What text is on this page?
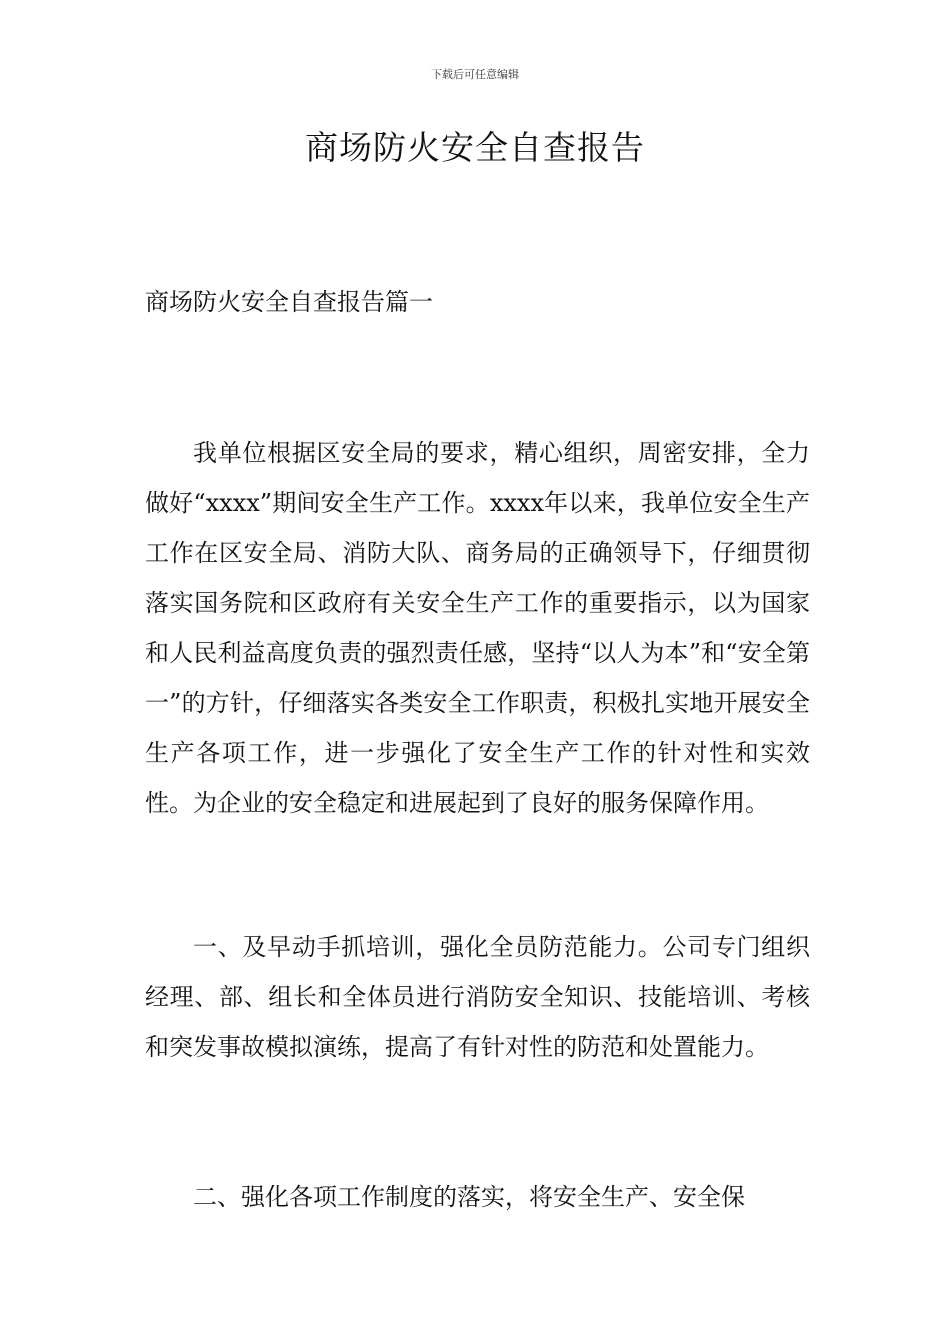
下载后可任意编辑
商场防火安全自查报告
商场防火安全自查报告篇一

我单位根据区安全局的要求，精心组织，周密安排，全力做好“xxxx”期间安全生产工作。xxxx年以来，我单位安全生产工作在区安全局、消防大队、商务局的正确领导下，仔细贯彻落实国务院和区政府有关安全生产工作的重要指示，以为国家和人民利益高度负责的强烈责任感，坚持“以人为本”和“安全第一”的方针，仔细落实各类安全工作职责，积极扎实地开展安全生产各项工作，进一步强化了安全生产工作的针对性和实效性。为企业的安全稳定和进展起到了良好的服务保障作用。

一、及早动手抓培训，强化全员防范能力。公司专门组织经理、部、组长和全体员进行消防安全知识、技能培训、考核和突发事故模拟演练，提高了有针对性的防范和处置能力。

二、强化各项工作制度的落实，将安全生产、安全保
